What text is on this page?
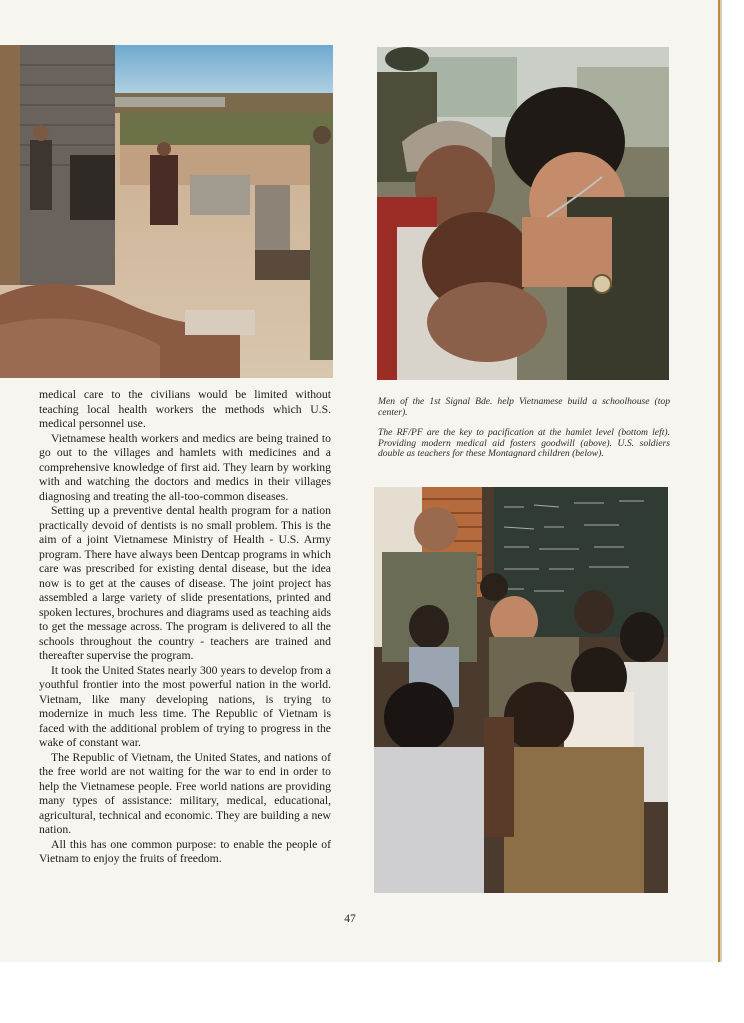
Men of the 1st Signal Bde. help Vietnamese build a schoolhouse (top center).

The RF/PF are the key to pacification at the hamlet level (bottom left). Providing modern medical aid fosters goodwill (above). U.S. soldiers double as teachers for these Montagnard children (below).

medical care to the civilians would be limited without teaching local health workers the methods which U.S. medical personnel use.

Vietnamese health workers and medics are being trained to go out to the villages and hamlets with medicines and a comprehensive knowledge of first aid. They learn by working with and watching the doctors and medics in their villages diagnosing and treating the all-too-common diseases.

Setting up a preventive dental health program for a nation practically devoid of dentists is no small problem. This is the aim of a joint Vietnamese Ministry of Health - U.S. Army program. There have always been Dentcap programs in which care was prescribed for existing dental disease, but the idea now is to get at the causes of disease. The joint project has assembled a large variety of slide presentations, printed and spoken lectures, brochures and diagrams used as teaching aids to get the message across. The program is delivered to all the schools throughout the country - teachers are trained and thereafter supervise the program.

It took the United States nearly 300 years to develop from a youthful frontier into the most powerful nation in the world. Vietnam, like many developing nations, is trying to modernize in much less time. The Republic of Vietnam is faced with the additional problem of trying to progress in the wake of constant war.

The Republic of Vietnam, the United States, and nations of the free world are not waiting for the war to end in order to help the Vietnamese people. Free world nations are providing many types of assistance: military, medical, educational, agricultural, technical and economic. They are building a new nation.

All this has one common purpose: to enable the people of Vietnam to enjoy the fruits of freedom.

47
